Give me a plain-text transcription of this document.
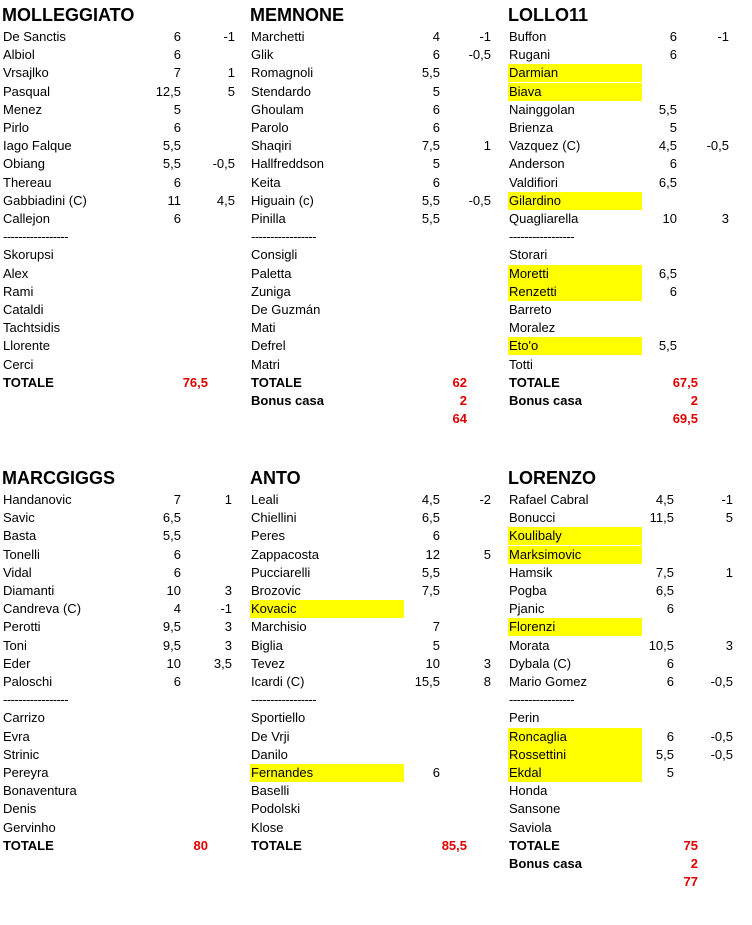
MOLLEGGIATO
De Sanctis	6	-1
Albiol	6
Vrsajlko	7	1
Pasqual	12,5	5
Menez	5
Pirlo	6
Iago Falque	5,5
Obiang	5,5	-0,5
Thereau	6
Gabbiadini (C)	11	4,5
Callejon	6
-----------------
Skorupsi
Alex
Rami
Cataldi
Tachtsidis
Llorente
Cerci
TOTALE	76,5
MEMNONE
Marchetti	4	-1
Glik	6	-0,5
Romagnoli	5,5
Stendardo	5
Ghoulam	6
Parolo	6
Shaqiri	7,5	1
Hallfreddson	5
Keita	6
Higuain (c)	5,5	-0,5
Pinilla	5,5
-----------------
Consigli
Paletta
Zuniga
De Guzmán
Mati
Defrel
Matri
TOTALE	62
Bonus casa	2
64
LOLLO11
Buffon	6	-1
Rugani	6
Darmian
Biava
Nainggolan	5,5
Brienza	5
Vazquez (C)	4,5	-0,5
Anderson	6
Valdifiori	6,5
Gilardino
Quagliarella	10	3
-----------------
Storari
Moretti	6,5
Renzetti	6
Barreto
Moralez
Eto'o	5,5
Totti
TOTALE	67,5
Bonus casa	2
69,5
MARCGIGGS
Handanovic	7	1
Savic	6,5
Basta	5,5
Tonelli	6
Vidal	6
Diamanti	10	3
Candreva (C)	4	-1
Perotti	9,5	3
Toni	9,5	3
Eder	10	3,5
Paloschi	6
-----------------
Carrizo
Evra
Strinic
Pereyra
Bonaventura
Denis
Gervinho
TOTALE	80
ANTO
Leali	4,5	-2
Chiellini	6,5
Peres	6
Zappacosta	12	5
Pucciarelli	5,5
Brozovic	7,5
Kovacic
Marchisio	7
Biglia	5
Tevez	10	3
Icardi (C)	15,5	8
-----------------
Sportiello
De Vrji
Danilo
Fernandes	6
Baselli
Podolski
Klose
TOTALE	85,5
LORENZO
Rafael Cabral	4,5	-1
Bonucci	11,5	5
Koulibaly
Marksimovic
Hamsik	7,5	1
Pogba	6,5
Pjanic	6
Florenzi
Morata	10,5	3
Dybala (C)	6
Mario Gomez	6	-0,5
-----------------
Perin
Roncaglia	6	-0,5
Rossettini	5,5	-0,5
Ekdal	5
Honda
Sansone
Saviola
TOTALE	75
Bonus casa	2
77
